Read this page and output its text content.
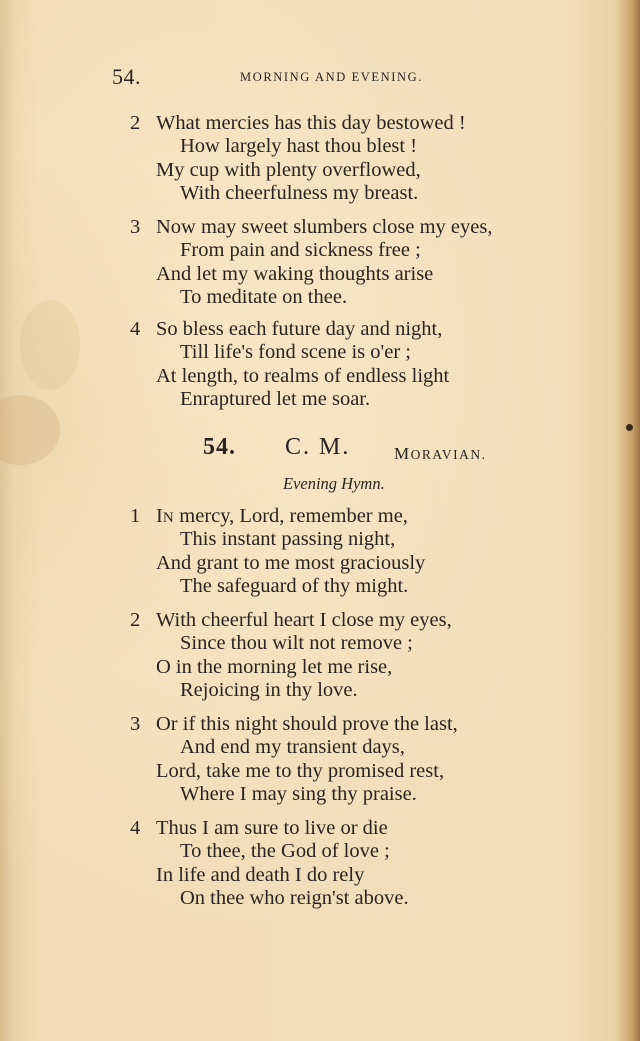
54.	MORNING AND EVENING.
2 What mercies has this day bestowed !
How largely hast thou blest !
My cup with plenty overflowed,
With cheerfulness my breast.
3 Now may sweet slumbers close my eyes,
From pain and sickness free ;
And let my waking thoughts arise
To meditate on thee.
4 So bless each future day and night,
Till life's fond scene is o'er ;
At length, to realms of endless light
Enraptured let me soar.
54. C. M.	MORAVIAN.
Evening Hymn.
1 IN mercy, Lord, remember me,
This instant passing night,
And grant to me most graciously
The safeguard of thy might.
2 With cheerful heart I close my eyes,
Since thou wilt not remove ;
O in the morning let me rise,
Rejoicing in thy love.
3 Or if this night should prove the last,
And end my transient days,
Lord, take me to thy promised rest,
Where I may sing thy praise.
4 Thus I am sure to live or die
To thee, the God of love ;
In life and death I do rely
On thee who reign'st above.
